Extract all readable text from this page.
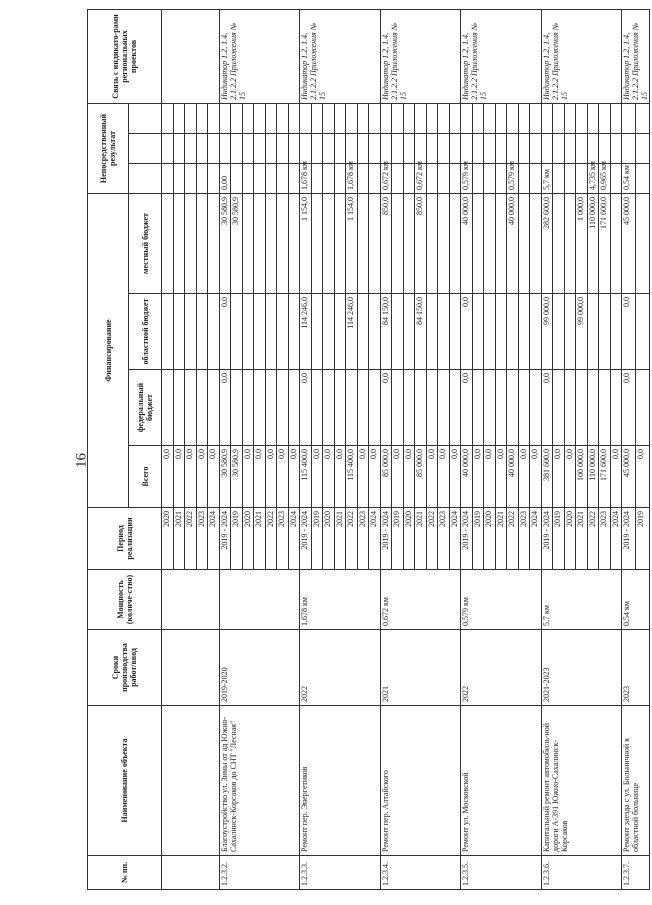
16
№ пп.	Наименование объекта	Сроки производства работ/ввод	Мощность (количе-ство)	Период реализации	Финансирование				Непосредственный результат			Связь с индикато-рами региональных проектов
					Всего	федеральный бюджет	областной бюджет	местный бюджет				
				2020	0,0							
				2021	0,0							
				2022	0,0							
				2023	0,0							
				2024	0,0							
1.2.3.2.	Благоустройство ул. Зимы от ад Южно-Сахалинск-Корсаков до СНТ "Лесная"	2019-2020		2019 - 2024	30 580,9	0,0	0,0	30 580,9	0,00			Индикатор 1.2, 1.4, 2.1.2.2 Приложения № 15
				2019	30 580,9			30 580,9				
				2020	0,0							
				2021	0,0							
				2022	0,0							
				2023	0,0							
				2024	0,0							
1.2.3.3.	Ремонт пер. Энергетиков	2022	1,678 км	2019 - 2024	115 400,0	0,0	114 246,0	1 154,0	1,678 км			Индикатор 1.2, 1.4, 2.1.2.2 Приложения № 15
				2019	0,0							
				2020	0,0							
				2021	0,0							
				2022	115 400,0		114 246,0	1 154,0	1,678 км			
				2023	0,0							
				2024	0,0							
1.2.3.4.	Ремонт пер. Алтайского	2021	0,672 км	2019 - 2024	85 000,0	0,0	84 150,0	850,0	0,672 км			Индикатор 1.2, 1.4, 2.1.2.2 Приложения № 15
				2019	0,0							
				2020	0,0							
				2021	85 000,0		84 150,0	850,0	0,672 км			
				2022	0,0							
				2023	0,0							
				2024	0,0							
1.2.3.5.	Ремонт ул. Московской	2022	0,579 км	2019 - 2024	40 000,0	0,0	0,0	40 000,0	0,579 км			Индикатор 1.2, 1.4, 2.1.2.2 Приложения № 15
				2019	0,0							
				2020	0,0							
				2021	0,0							
				2022	40 000,0			40 000,0	0,579 км			
				2023	0,0							
				2024	0,0							
1.2.3.6.	Капитальный ремонт автомобиль-ной дороги А-391 Южно-Сахалинск-Корсаков	2021-2023	5,7 км	2019 - 2024	381 600,0	0,0	99 000,0	282 600,0	5,7 км			Индикатор 1.2, 1.4, 2.1.2.2 Приложения № 15
				2019	0,0							
				2020	0,0							
				2021	100 000,0		99 000,0	1 000,0				
				2022	110 000,0			110 000,0	4,735 км			
				2023	171 600,0			171 600,0	0,965 км			
				2024	0,0							
1.2.3.7.	Ремонт заезда с ул. Больничной к областной больнице	2023	0,54 км	2019 - 2024	45 000,0	0,0	0,0	45 000,0	0,54 км			Индикатор 1.2, 1.4, 2.1.2.2 Приложения № 15
				2019	0,0							
